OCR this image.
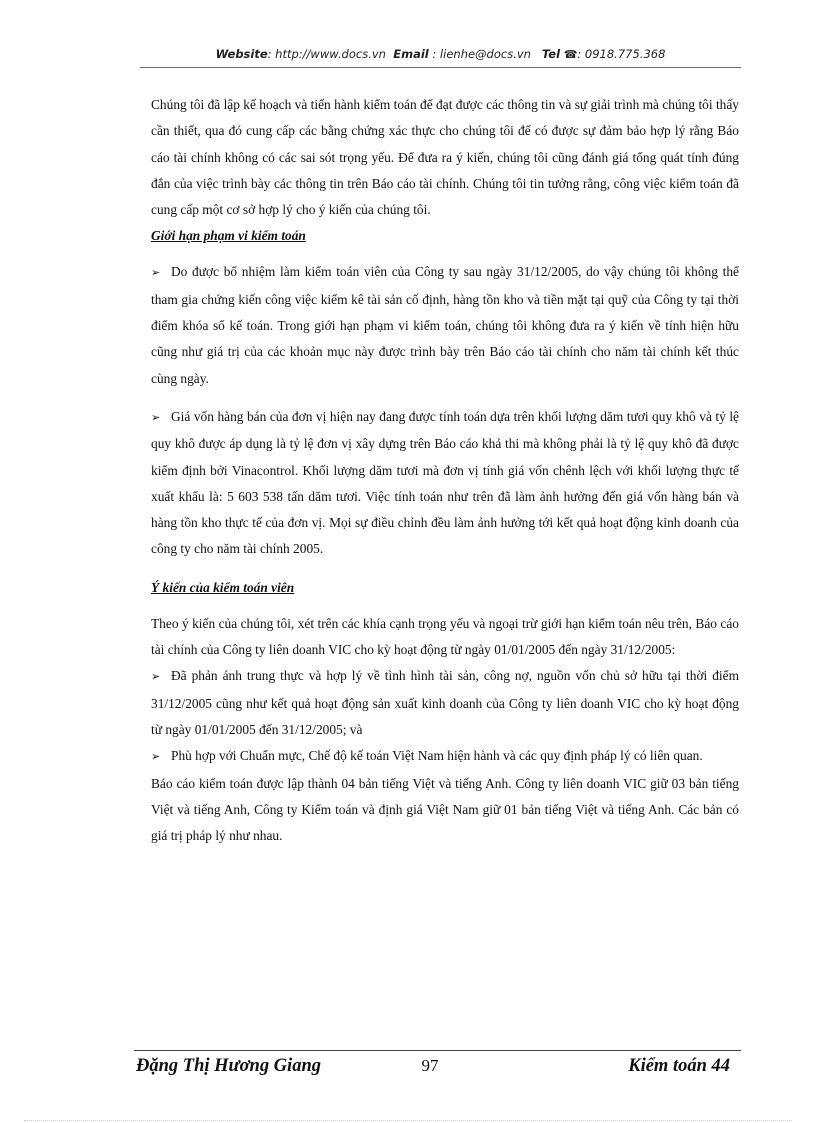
Website: http://www.docs.vn Email : lienhe@docs.vn Tel ☎: 0918.775.368

Chúng tôi đã lập kế hoạch và tiến hành kiểm toán để đạt được các thông tin và sự giải trình mà chúng tôi thấy cần thiết, qua đó cung cấp các bằng chứng xác thực cho chúng tôi để có được sự đảm bảo hợp lý rằng Báo cáo tài chính không có các sai sót trọng yếu. Để đưa ra ý kiến, chúng tôi cũng đánh giá tổng quát tính đúng đắn của việc trình bày các thông tin trên Báo cáo tài chính. Chúng tôi tin tưởng rằng, công việc kiểm toán đã cung cấp một cơ sở hợp lý cho ý kiến của chúng tôi.

Giới hạn phạm vi kiểm toán

➢ Do được bổ nhiệm làm kiểm toán viên của Công ty sau ngày 31/12/2005, do vậy chúng tôi không thể tham gia chứng kiến công việc kiểm kê tài sản cố định, hàng tồn kho và tiền mặt tại quỹ của Công ty tại thời điểm khóa sổ kế toán. Trong giới hạn phạm vi kiểm toán, chúng tôi không đưa ra ý kiến về tính hiện hữu cũng như giá trị của các khoản mục này được trình bày trên Báo cáo tài chính cho năm tài chính kết thúc cùng ngày.

➢ Giá vốn hàng bán của đơn vị hiện nay đang được tính toán dựa trên khối lượng dăm tươi quy khô và tỷ lệ quy khô được áp dụng là tỷ lệ đơn vị xây dựng trên Báo cáo khả thi mà không phải là tỷ lệ quy khô đã được kiểm định bởi Vinacontrol. Khối lượng dăm tươi mà đơn vị tính giá vốn chênh lệch với khối lượng thực tế xuất khẩu là: 5 603 538 tấn dăm tươi. Việc tính toán như trên đã làm ảnh hưởng đến giá vốn hàng bán và hàng tồn kho thực tế của đơn vị. Mọi sự điều chỉnh đều làm ảnh hưởng tới kết quả hoạt động kinh doanh của công ty cho năm tài chính 2005.

Ý kiến của kiểm toán viên

Theo ý kiến của chúng tôi, xét trên các khía cạnh trọng yếu và ngoại trừ giới hạn kiểm toán nêu trên, Báo cáo tài chính của Công ty liên doanh VIC cho kỳ hoạt động từ ngày 01/01/2005 đến ngày 31/12/2005:

➢ Đã phản ánh trung thực và hợp lý về tình hình tài sản, công nợ, nguồn vốn chủ sở hữu tại thời điểm 31/12/2005 cũng như kết quả hoạt động sản xuất kinh doanh của Công ty liên doanh VIC cho kỳ hoạt động từ ngày 01/01/2005 đến 31/12/2005; và

➢ Phù hợp với Chuẩn mực, Chế độ kế toán Việt Nam hiện hành và các quy định pháp lý có liên quan.

Báo cáo kiểm toán được lập thành 04 bản tiếng Việt và tiếng Anh. Công ty liên doanh VIC giữ 03 bản tiếng Việt và tiếng Anh, Công ty Kiểm toán và định giá Việt Nam giữ 01 bản tiếng Việt và tiếng Anh. Các bản có giá trị pháp lý như nhau.

Đặng Thị Hương Giang	97	Kiểm toán 44
